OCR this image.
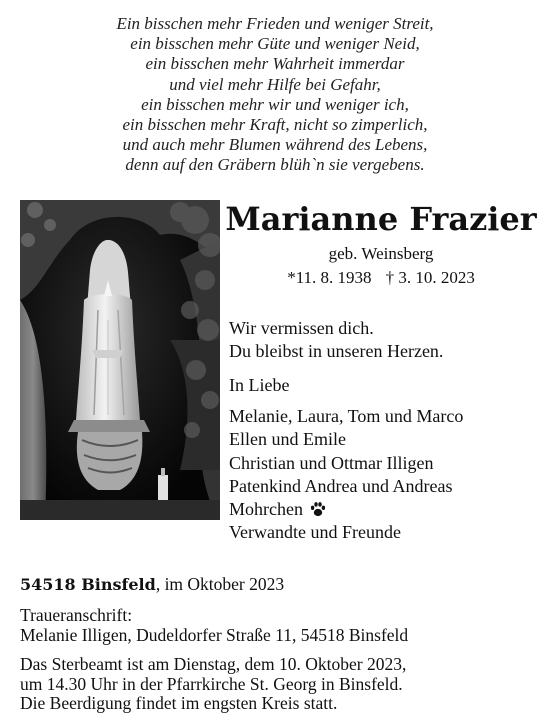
Ein bisschen mehr Frieden und weniger Streit,
ein bisschen mehr Güte und weniger Neid,
ein bisschen mehr Wahrheit immerdar
und viel mehr Hilfe bei Gefahr,
ein bisschen mehr wir und weniger ich,
ein bisschen mehr Kraft, nicht so zimperlich,
und auch mehr Blumen während des Lebens,
denn auf den Gräbern blüh`n sie vergebens.
Marianne Frazier
geb. Weinsberg
*11. 8. 1938 † 3. 10. 2023
Wir vermissen dich.
Du bleibst in unseren Herzen.
In Liebe
Melanie, Laura, Tom und Marco
Ellen und Emile
Christian und Ottmar Illigen
Patenkind Andrea und Andreas
Mohrchen
Verwandte und Freunde
54518 Binsfeld, im Oktober 2023
Traueranschrift:
Melanie Illigen, Dudeldorfer Straße 11, 54518 Binsfeld
Das Sterbeamt ist am Dienstag, dem 10. Oktober 2023,
um 14.30 Uhr in der Pfarrkirche St. Georg in Binsfeld.
Die Beerdigung findet im engsten Kreis statt.
